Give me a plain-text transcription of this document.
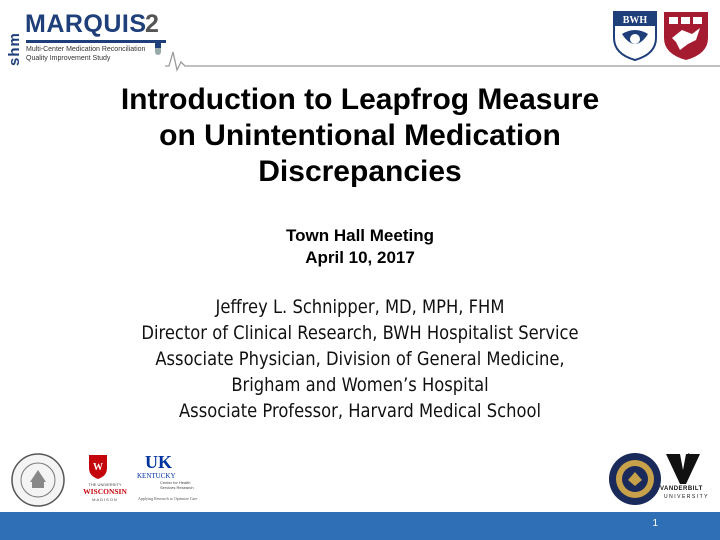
shm
MARQUIS
2
Multi-Center Medication Reconciliation
Quality Improvement Study
BWH
Introduction to Leapfrog Measure
on Unintentional Medication
Discrepancies
Town Hall Meeting
April 10, 2017
Jeffrey L. Schnipper, MD, MPH, FHM
Director of Clinical Research, BWH Hospitalist Service
Associate Physician, Division of General Medicine,
Brigham and Women’s Hospital
Associate Professor, Harvard Medical School
W
THE UNIVERSITY
WISCONSIN
MADISON
UK
KENTUCKY
Center for Health Services Research
Applying Research to Optimize Care
VANDERBILT
UNIVERSITY
1
